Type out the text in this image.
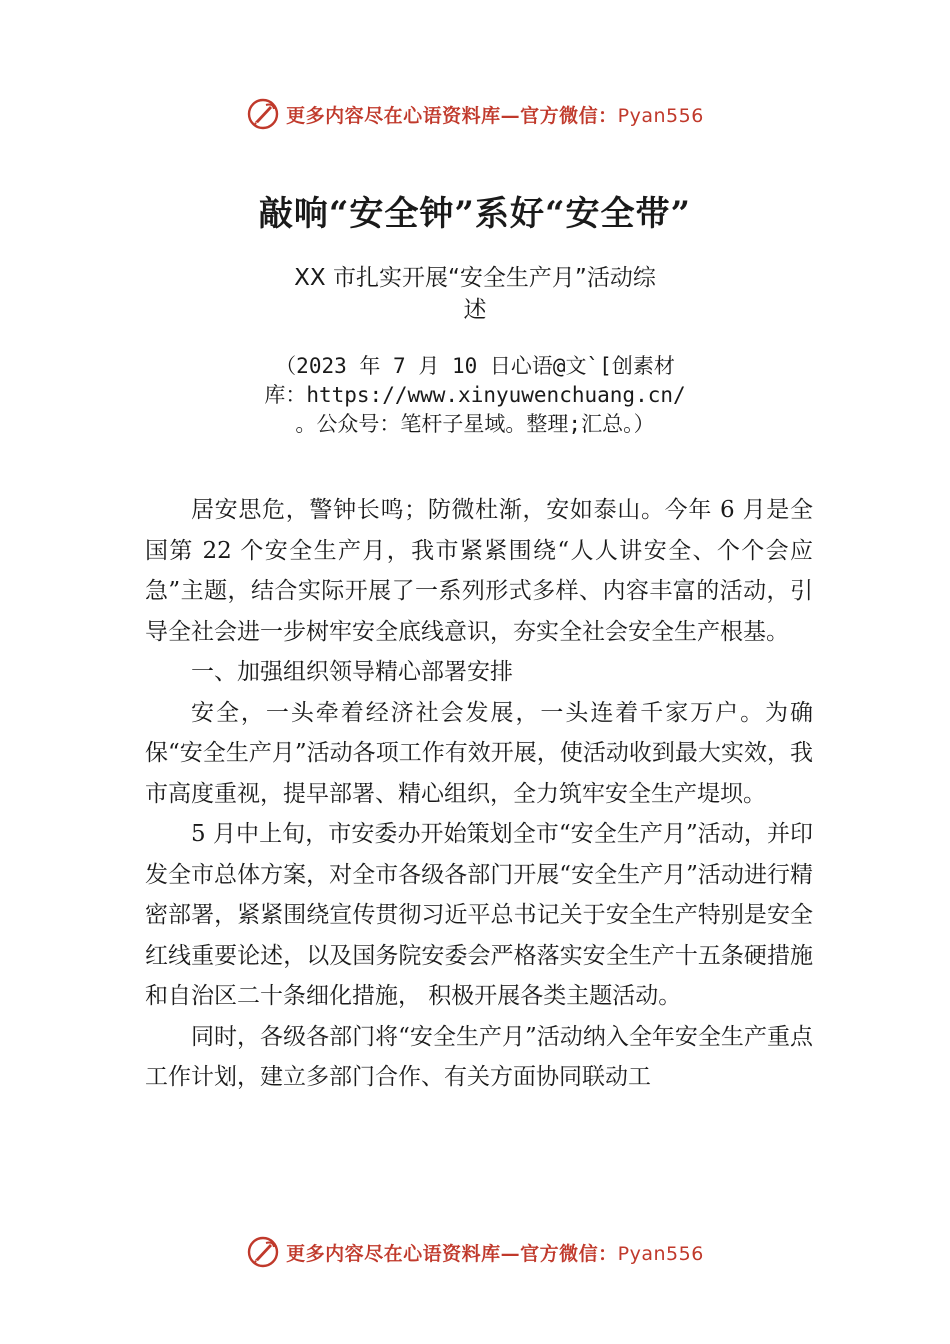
更多内容尽在心语资料库—官方微信：Pyan556
敲响“安全钟”系好“安全带”
XX 市扎实开展“安全生产月”活动综
述
（2023 年 7 月 10 日心语@文`[创素材
库：https://www.xinyuwenchuang.cn/
。公众号：笔杆子星域。整理;汇总。）

居安思危，警钟长鸣；防微杜渐，安如泰山。今年 6 月是全国第 22 个安全生产月，我市紧紧围绕“人人讲安全、个个会应急”主题，结合实际开展了一系列形式多样、内容丰富的活动，引导全社会进一步树牢安全底线意识，夯实全社会安全生产根基。

一、加强组织领导精心部署安排

安全，一头牵着经济社会发展，一头连着千家万户。为确保“安全生产月”活动各项工作有效开展，使活动收到最大实效，我市高度重视，提早部署、精心组织，全力筑牢安全生产堤坝。

5 月中上旬，市安委办开始策划全市“安全生产月”活动，并印发全市总体方案，对全市各级各部门开展“安全生产月”活动进行精密部署，紧紧围绕宣传贯彻习近平总书记关于安全生产特别是安全红线重要论述，以及国务院安委会严格落实安全生产十五条硬措施和自治区二十条细化措施， 积极开展各类主题活动。

同时，各级各部门将“安全生产月”活动纳入全年安全生产重点工作计划，建立多部门合作、有关方面协同联动工

更多内容尽在心语资料库—官方微信：Pyan556
